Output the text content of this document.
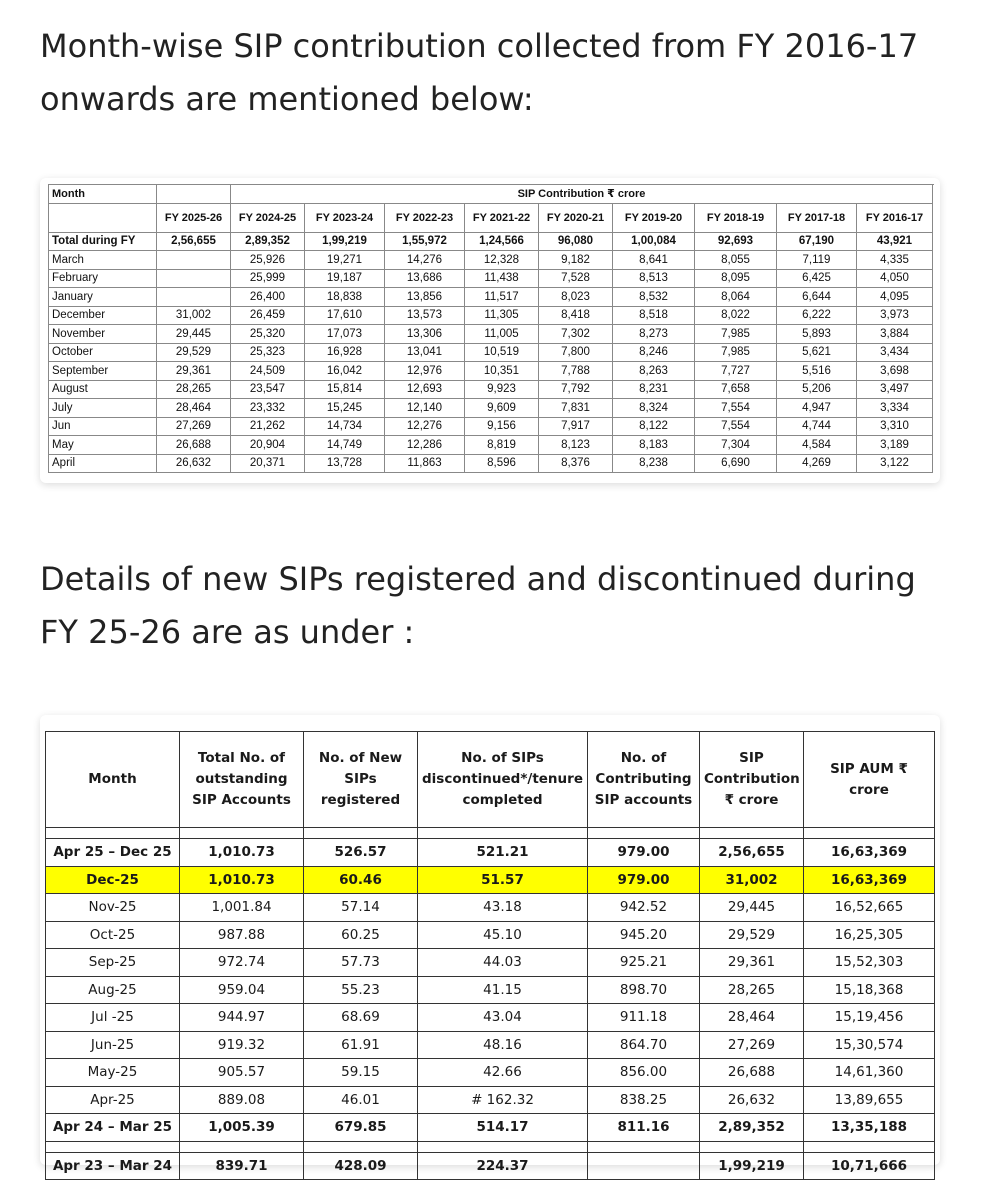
Month-wise SIP contribution collected from FY 2016-17 onwards are mentioned below:
Month		SIP Contribution ₹ crore								
	FY 2025-26	FY 2024-25	FY 2023-24	FY 2022-23	FY 2021-22	FY 2020-21	FY 2019-20	FY 2018-19	FY 2017-18	FY 2016-17
Total during FY	2,56,655	2,89,352	1,99,219	1,55,972	1,24,566	96,080	1,00,084	92,693	67,190	43,921
March		25,926	19,271	14,276	12,328	9,182	8,641	8,055	7,119	4,335
February		25,999	19,187	13,686	11,438	7,528	8,513	8,095	6,425	4,050
January		26,400	18,838	13,856	11,517	8,023	8,532	8,064	6,644	4,095
December	31,002	26,459	17,610	13,573	11,305	8,418	8,518	8,022	6,222	3,973
November	29,445	25,320	17,073	13,306	11,005	7,302	8,273	7,985	5,893	3,884
October	29,529	25,323	16,928	13,041	10,519	7,800	8,246	7,985	5,621	3,434
September	29,361	24,509	16,042	12,976	10,351	7,788	8,263	7,727	5,516	3,698
August	28,265	23,547	15,814	12,693	9,923	7,792	8,231	7,658	5,206	3,497
July	28,464	23,332	15,245	12,140	9,609	7,831	8,324	7,554	4,947	3,334
Jun	27,269	21,262	14,734	12,276	9,156	7,917	8,122	7,554	4,744	3,310
May	26,688	20,904	14,749	12,286	8,819	8,123	8,183	7,304	4,584	3,189
April	26,632	20,371	13,728	11,863	8,596	8,376	8,238	6,690	4,269	3,122
Details of new SIPs registered and discontinued during FY 25-26 are as under :
Month	Total No. of outstanding SIP Accounts	No. of New SIPs registered	No. of SIPs discontinued*/tenure completed	No. of Contributing SIP accounts	SIP Contribution ₹ crore	SIP AUM ₹ crore

Apr 25 – Dec 25	1,010.73	526.57	521.21	979.00	2,56,655	16,63,369
Dec-25	1,010.73	60.46	51.57	979.00	31,002	16,63,369
Nov-25	1,001.84	57.14	43.18	942.52	29,445	16,52,665
Oct-25	987.88	60.25	45.10	945.20	29,529	16,25,305
Sep-25	972.74	57.73	44.03	925.21	29,361	15,52,303
Aug-25	959.04	55.23	41.15	898.70	28,265	15,18,368
Jul -25	944.97	68.69	43.04	911.18	28,464	15,19,456
Jun-25	919.32	61.91	48.16	864.70	27,269	15,30,574
May-25	905.57	59.15	42.66	856.00	26,688	14,61,360
Apr-25	889.08	46.01	# 162.32	838.25	26,632	13,89,655
Apr 24 – Mar 25	1,005.39	679.85	514.17	811.16	2,89,352	13,35,188

Apr 23 – Mar 24	839.71	428.09	224.37		1,99,219	10,71,666
